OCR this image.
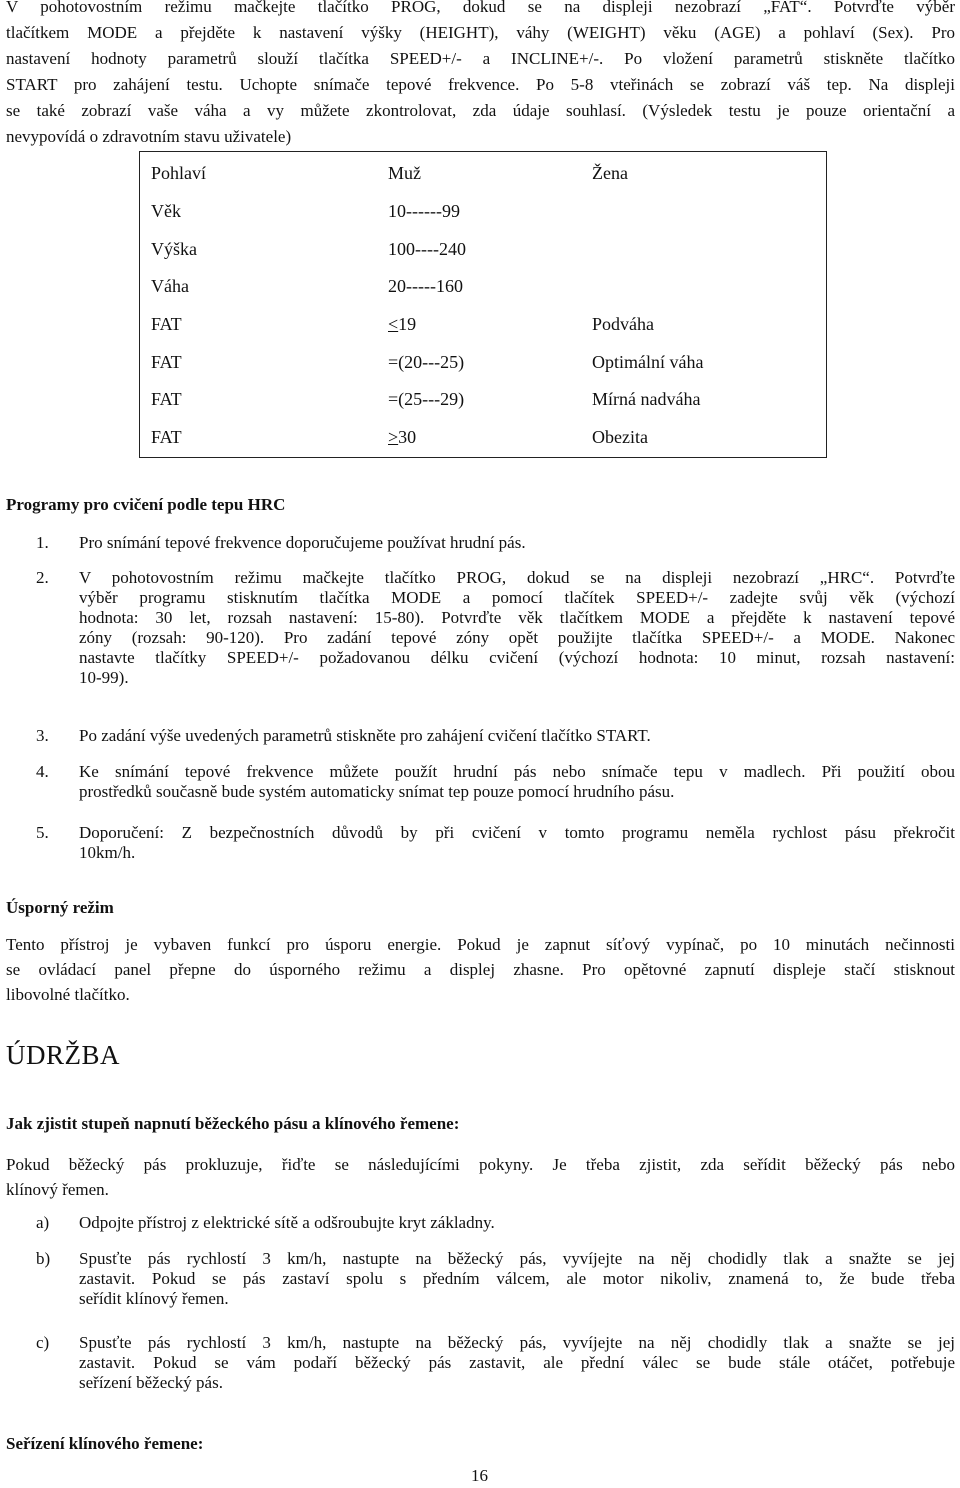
V pohotovostním režimu mačkejte tlačítko PROG, dokud se na displeji nezobrazí „FAT“. Potvrďte výběr
tlačítkem MODE a přejděte k nastavení výšky (HEIGHT), váhy (WEIGHT) věku (AGE) a pohlaví (Sex). Pro
nastavení hodnoty parametrů slouží tlačítka SPEED+/- a INCLINE+/-. Po vložení parametrů stiskněte tlačítko
START pro zahájení testu. Uchopte snímače tepové frekvence. Po 5-8 vteřinách se zobrazí váš tep. Na displeji
se také zobrazí vaše váha a vy můžete zkontrolovat, zda údaje souhlasí. (Výsledek testu je pouze orientační a
nevypovídá o zdravotním stavu uživatele)
Pohlaví	Muž	Žena
Věk	10------99	
Výška	100----240	
Váha	20-----160	
FAT	<19	Podváha
FAT	=(20---25)	Optimální váha
FAT	=(25---29)	Mírná nadváha
FAT	>30	Obezita

Programy pro cvičení podle tepu HRC

1. Pro snímání tepové frekvence doporučujeme používat hrudní pás.
2. V pohotovostním režimu mačkejte tlačítko PROG, dokud se na displeji nezobrazí „HRC“. Potvrďte
výběr programu stisknutím tlačítka MODE a pomocí tlačítek SPEED+/- zadejte svůj věk (výchozí
hodnota: 30 let, rozsah nastavení: 15-80). Potvrďte věk tlačítkem MODE a přejděte k nastavení tepové
zóny (rozsah: 90-120). Pro zadání tepové zóny opět použijte tlačítka SPEED+/- a MODE. Nakonec
nastavte tlačítky SPEED+/- požadovanou délku cvičení (výchozí hodnota: 10 minut, rozsah nastavení:
10-99).
3. Po zadání výše uvedených parametrů stiskněte pro zahájení cvičení tlačítko START.
4. Ke snímání tepové frekvence můžete použít hrudní pás nebo snímače tepu v madlech. Při použití obou
prostředků současně bude systém automaticky snímat tep pouze pomocí hrudního pásu.
5. Doporučení: Z bezpečnostních důvodů by při cvičení v tomto programu neměla rychlost pásu překročit
10km/h.

Úsporný režim

Tento přístroj je vybaven funkcí pro úsporu energie. Pokud je zapnut síťový vypínač, po 10 minutách nečinnosti
se ovládací panel přepne do úsporného režimu a displej zhasne. Pro opětovné zapnutí displeje stačí stisknout
libovolné tlačítko.

ÚDRŽBA

Jak zjistit stupeň napnutí běžeckého pásu a klínového řemene:

Pokud běžecký pás prokluzuje, řiďte se následujícími pokyny. Je třeba zjistit, zda seřídit běžecký pás nebo
klínový řemen.
a) Odpojte přístroj z elektrické sítě a odšroubujte kryt základny.
b) Spusťte pás rychlostí 3 km/h, nastupte na běžecký pás, vyvíjejte na něj chodidly tlak a snažte se jej
zastavit. Pokud se pás zastaví spolu s předním válcem, ale motor nikoliv, znamená to, že bude třeba
seřídit klínový řemen.
c) Spusťte pás rychlostí 3 km/h, nastupte na běžecký pás, vyvíjejte na něj chodidly tlak a snažte se jej
zastavit. Pokud se vám podaří běžecký pás zastavit, ale přední válec se bude stále otáčet, potřebuje
seřízení běžecký pás.

Seřízení klínového řemene:

16
